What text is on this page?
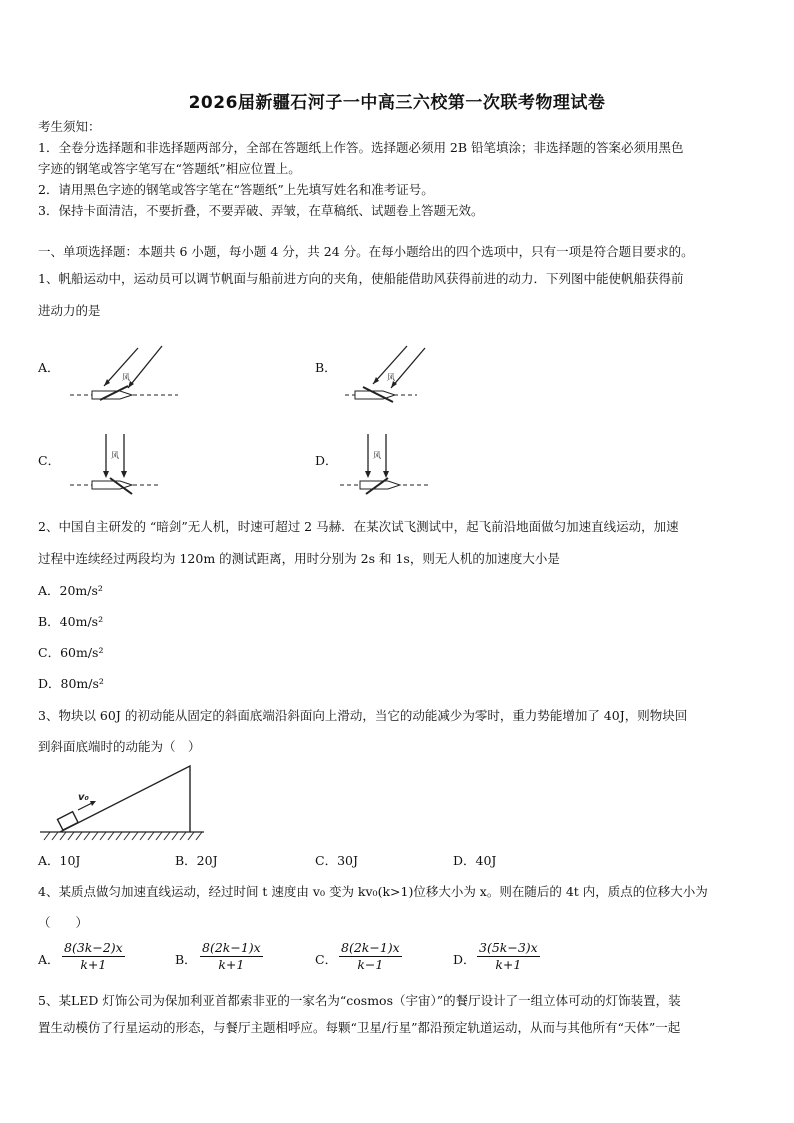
2026届新疆石河子一中高三六校第一次联考物理试卷
考生须知：
1．全卷分选择题和非选择题两部分，全部在答题纸上作答。选择题必须用 2B 铅笔填涂；非选择题的答案必须用黑色
字迹的钢笔或答字笔写在“答题纸”相应位置上。
2．请用黑色字迹的钢笔或答字笔在“答题纸”上先填写姓名和准考证号。
3．保持卡面清洁，不要折叠，不要弄破、弄皱，在草稿纸、试题卷上答题无效。
一、单项选择题：本题共 6 小题，每小题 4 分，共 24 分。在每小题给出的四个选项中，只有一项是符合题目要求的。
1、帆船运动中，运动员可以调节帆面与船前进方向的夹角，使船能借助风获得前进的动力．下列图中能使帆船获得前
进动力的是
A．
风
B．
风
C．	风	D．	风
2、中国自主研发的 “暗剑”无人机，时速可超过 2 马赫．在某次试飞测试中，起飞前沿地面做匀加速直线运动，加速
过程中连续经过两段均为 120m 的测试距离，用时分别为 2s 和 1s，则无人机的加速度大小是
A．20m/s²
B．40m/s²
C．60m/s²
D．80m/s²
3、物块以 60J 的初动能从固定的斜面底端沿斜面向上滑动，当它的动能减少为零时，重力势能增加了 40J，则物块回
到斜面底端时的动能为（　）
v₀
A．10J	B．20J	C．30J	D．40J
4、某质点做匀加速直线运动，经过时间 t 速度由 v₀ 变为 kv₀(k>1)位移大小为 x。则在随后的 4t 内，质点的位移大小为
（　　）
A． $\frac{8(3k-2)x}{k+1}$	B． $\frac{8(2k-1)x}{k+1}$	C． $\frac{8(2k-1)x}{k-1}$	D． $\frac{3(5k-3)x}{k+1}$
5、某LED 灯饰公司为保加利亚首都索非亚的一家名为“cosmos（宇宙）”的餐厅设计了一组立体可动的灯饰装置，装
置生动模仿了行星运动的形态，与餐厅主题相呼应。每颗“卫星/行星”都沿预定轨道运动，从而与其他所有“天体”一起
